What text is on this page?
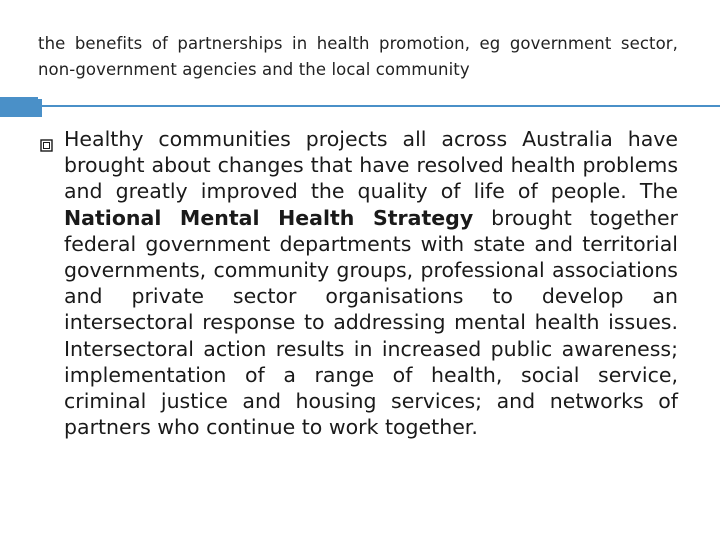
the benefits of partnerships in health promotion, eg government sector, non-government agencies and the local community
Healthy communities projects all across Australia have brought about changes that have resolved health problems and greatly improved the quality of life of people. The National Mental Health Strategy brought together federal government departments with state and territorial governments, community groups, professional associations and private sector organisations to develop an intersectoral response to addressing mental health issues. Intersectoral action results in increased public awareness; implementation of a range of health, social service, criminal justice and housing services; and networks of partners who continue to work together.
